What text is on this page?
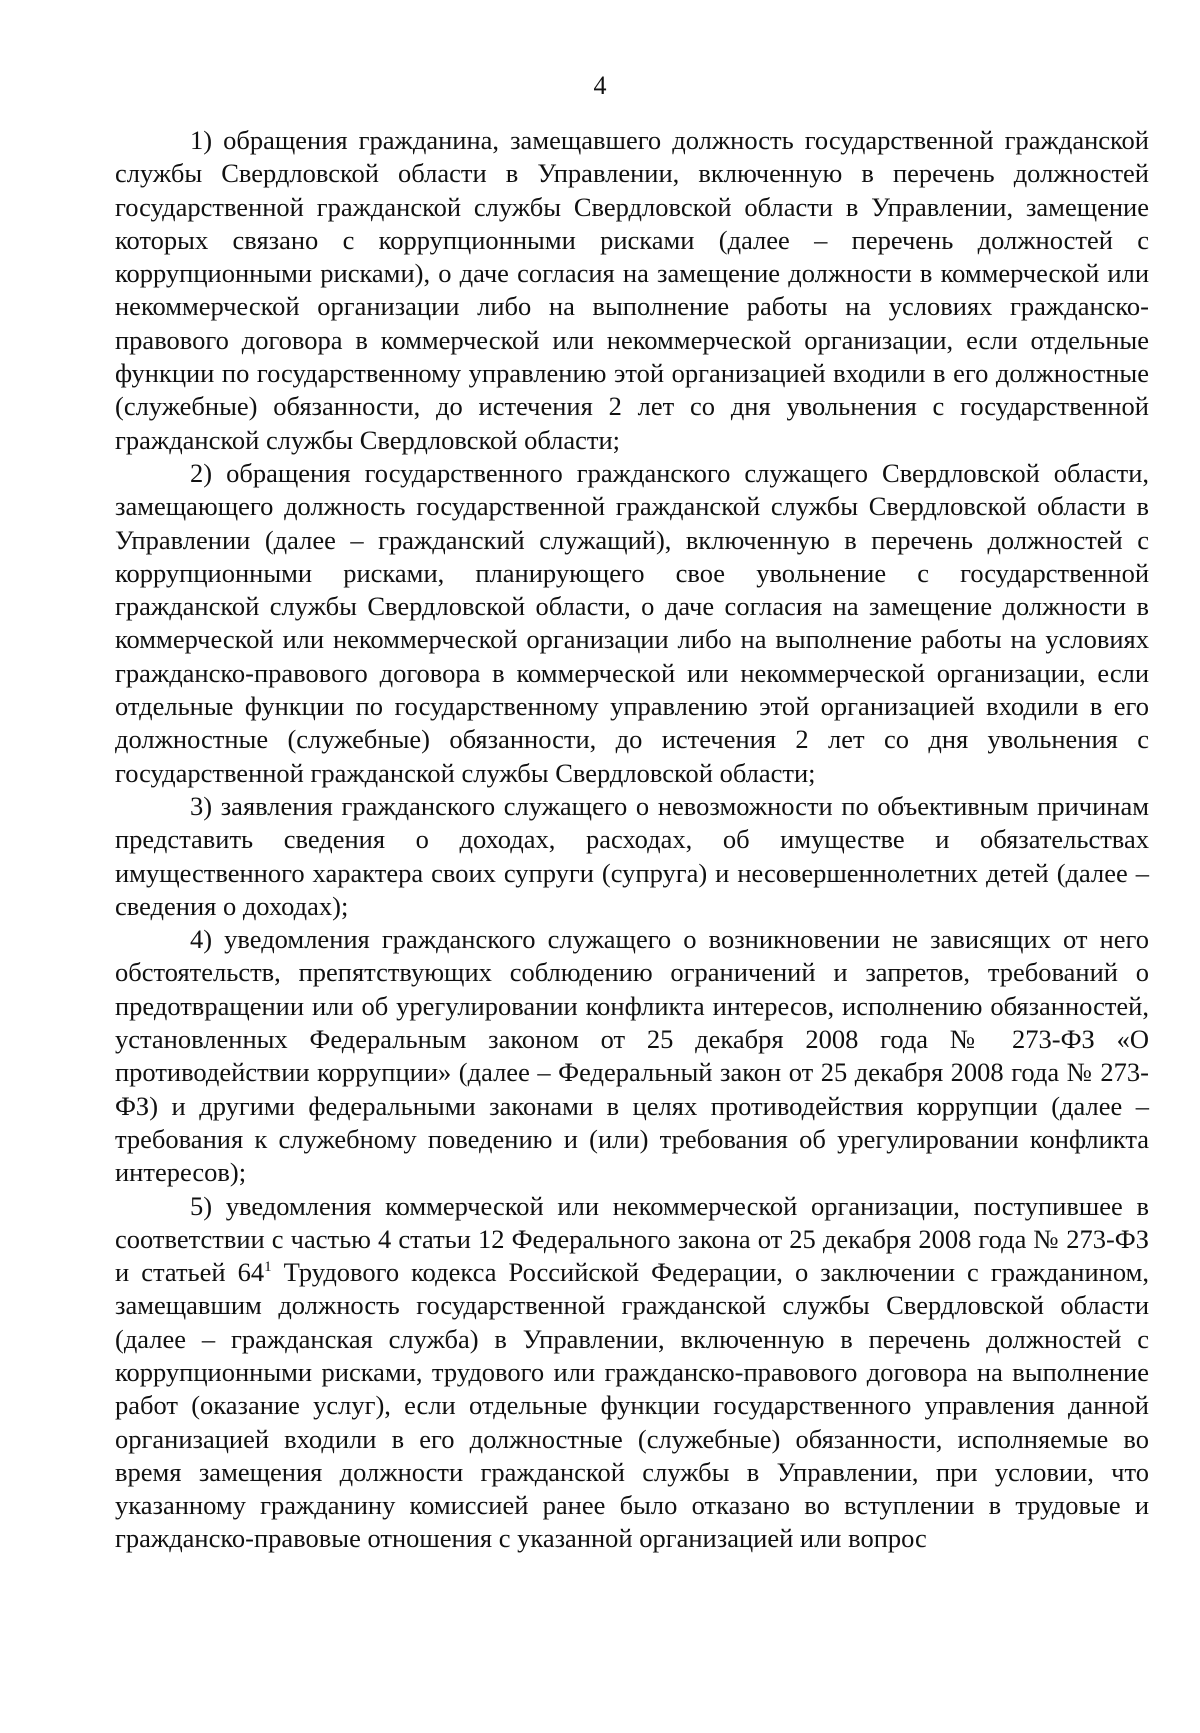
4

1) обращения гражданина, замещавшего должность государственной гражданской службы Свердловской области в Управлении, включенную в перечень должностей государственной гражданской службы Свердловской области в Управлении, замещение которых связано с коррупционными рисками (далее – перечень должностей с коррупционными рисками), о даче согласия на замещение должности в коммерческой или некоммерческой организации либо на выполнение работы на условиях гражданско-правового договора в коммерческой или некоммерческой организации, если отдельные функции по государственному управлению этой организацией входили в его должностные (служебные) обязанности, до истечения 2 лет со дня увольнения с государственной гражданской службы Свердловской области;

2) обращения государственного гражданского служащего Свердловской области, замещающего должность государственной гражданской службы Свердловской области в Управлении (далее – гражданский служащий), включенную в перечень должностей с коррупционными рисками, планирующего свое увольнение с государственной гражданской службы Свердловской области, о даче согласия на замещение должности в коммерческой или некоммерческой организации либо на выполнение работы на условиях гражданско-правового договора в коммерческой или некоммерческой организации, если отдельные функции по государственному управлению этой организацией входили в его должностные (служебные) обязанности, до истечения 2 лет со дня увольнения с государственной гражданской службы Свердловской области;

3) заявления гражданского служащего о невозможности по объективным причинам представить сведения о доходах, расходах, об имуществе и обязательствах имущественного характера своих супруги (супруга) и несовершеннолетних детей (далее – сведения о доходах);

4) уведомления гражданского служащего о возникновении не зависящих от него обстоятельств, препятствующих соблюдению ограничений и запретов, требований о предотвращении или об урегулировании конфликта интересов, исполнению обязанностей, установленных Федеральным законом от 25 декабря 2008 года № 273-ФЗ «О противодействии коррупции» (далее – Федеральный закон от 25 декабря 2008 года № 273-ФЗ) и другими федеральными законами в целях противодействия коррупции (далее – требования к служебному поведению и (или) требования об урегулировании конфликта интересов);

5) уведомления коммерческой или некоммерческой организации, поступившее в соответствии с частью 4 статьи 12 Федерального закона от 25 декабря 2008 года № 273-ФЗ и статьей $64^1$ Трудового кодекса Российской Федерации, о заключении с гражданином, замещавшим должность государственной гражданской службы Свердловской области (далее – гражданская служба) в Управлении, включенную в перечень должностей с коррупционными рисками, трудового или гражданско-правового договора на выполнение работ (оказание услуг), если отдельные функции государственного управления данной организацией входили в его должностные (служебные) обязанности, исполняемые во время замещения должности гражданской службы в Управлении, при условии, что указанному гражданину комиссией ранее было отказано во вступлении в трудовые и гражданско-правовые отношения с указанной организацией или вопрос
